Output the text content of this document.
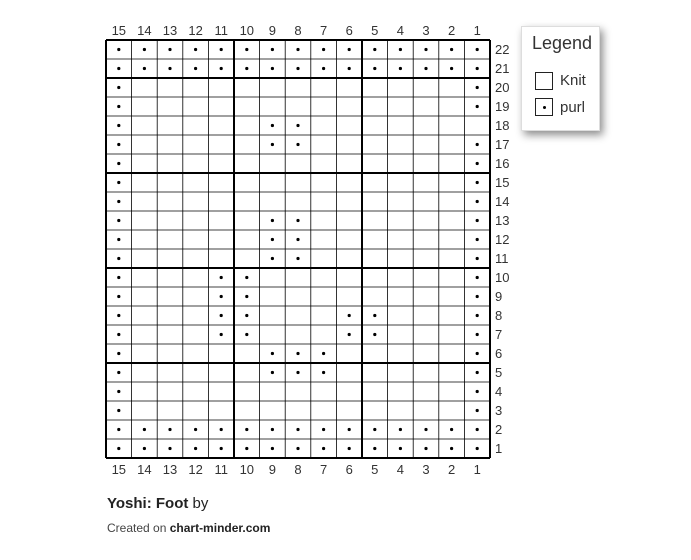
15
15
14
14
13
13
12
12
11
11
10
10
9
9
8
8
7
7
6
6
5
5
4
4
3
3
2
2
1
1
1
2
3
4
5
6
7
8
9
10
11
12
13
14
15
16
17
18
19
20
21
22 Legend
Knit
purl
Yoshi: Foot by
Created on chart-minder.com
